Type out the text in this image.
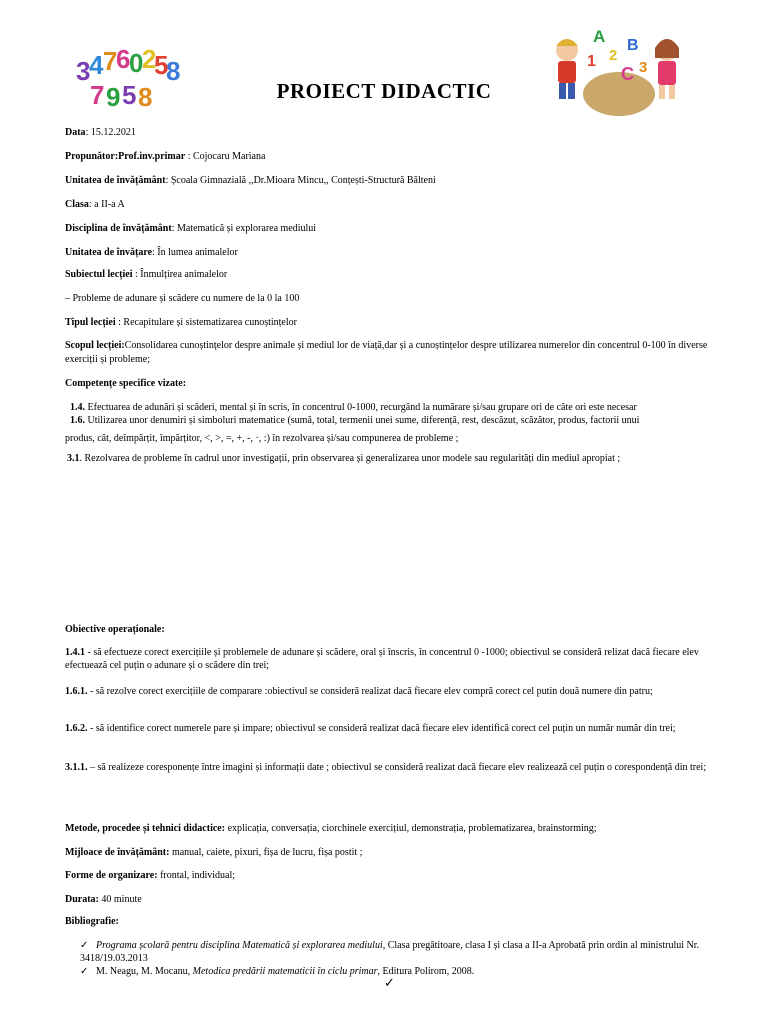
3
4 7
6
0
2
5
8
7 9 5 8
A B
2
1
C 3
PROIECT DIDACTIC
Data: 15.12.2021
Propunător:Prof.inv.primar : Cojocaru Mariana
Unitatea de învățământ: Școala Gimnazială ,,Dr.Mioara Mincu,, Conțești-Structură Bălteni
Clasa: a II-a A
Disciplina de învățământ: Matematică și explorarea mediului
Unitatea de învățare: În lumea animalelor
Subiectul lecției : Înmulțirea animalelor
– Probleme de adunare și scădere cu numere de la 0 la 100
Tipul lecției : Recapitulare și sistematizarea cunoștințelor
Scopul lecției:Consolidarea cunoștințelor despre animale și mediul lor de viață,dar și a cunoștințelor despre utilizarea numerelor din concentrul 0-100 în diverse exerciții și probleme;
Competențe specifice vizate:
1.4. Efectuarea de adunări și scăderi, mental și în scris, în concentrul 0-1000, recurgând la numărare și/sau grupare ori de câte ori este necesar
1.6. Utilizarea unor denumiri și simboluri matematice (sumă, total, termenii unei sume, diferență, rest, descăzut, scăzător, produs, factorii unui
produs, cât, deîmpărțit, împărțitor, <, >, =, +, -, ·, :) în rezolvarea și/sau compunerea de probleme ;
3.1. Rezolvarea de probleme în cadrul unor investigații, prin observarea și generalizarea unor modele sau regularități din mediul apropiat ;
Obiective operaționale:
1.4.1 - să efectueze corect exercițiile și problemele de adunare și scădere, oral și înscris, în concentrul 0 -1000; obiectivul se consideră relizat dacă fiecare elev efectuează cel puțin o adunare și o scădere din trei;
1.6.1. - să rezolve corect exercițiile de comparare :obiectivul se consideră realizat dacă fiecare elev compră corect cel putin două numere din patru;
1.6.2. - să identifice corect numerele pare și impare; obiectivul se consideră realizat dacă fiecare elev identifică corect cel puțin un număr număr din trei;
3.1.1. – să realizeze coresponențe între imagini și informații date ; obiectivul se consideră realizat dacă fiecare elev realizează cel puțin o corespondență din trei;
Metode, procedee și tehnici didactice: explicația, conversația, ciorchinele exercițiul, demonstrația, problematizarea, brainstorming;
Mijloace de învățământ: manual, caiete, pixuri, fișa de lucru, fișa postit ;
Forme de organizare: frontal, individual;
Durata: 40 minute
Bibliografie:
✓ Programa școlară pentru disciplina Matematică și explorarea mediului, Clasa pregătitoare, clasa I și clasa a II-a Aprobată prin ordin al ministrului Nr. 3418/19.03.2013
✓ M. Neagu, M. Mocanu, Metodica predării matematicii în ciclu primar, Editura Polirom, 2008.
✓
